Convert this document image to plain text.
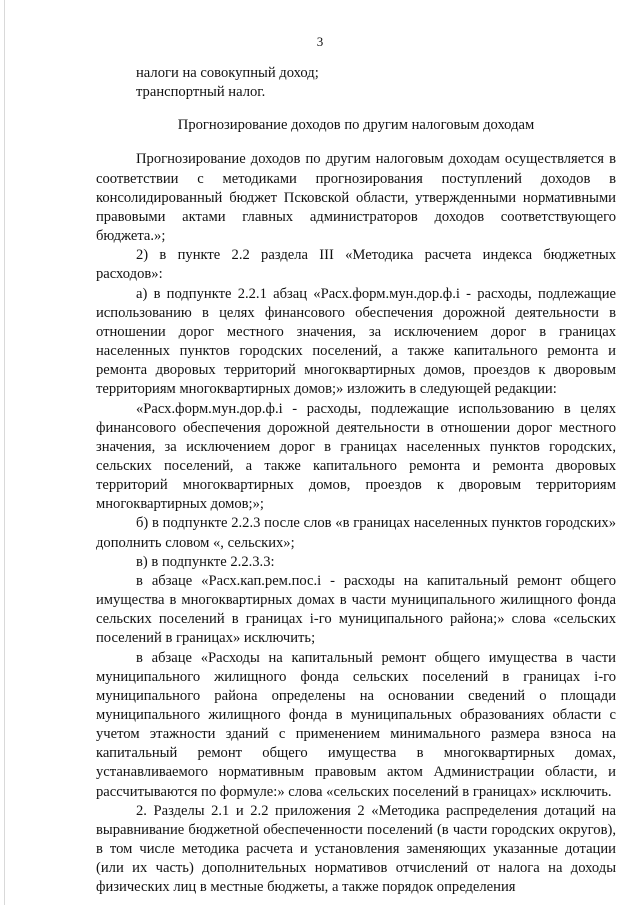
3

налоги на совокупный доход;

транспортный налог.

Прогнозирование доходов по другим налоговым доходам

Прогнозирование доходов по другим налоговым доходам осуществляется в соответствии с методиками прогнозирования поступлений доходов в консолидированный бюджет Псковской области, утвержденными нормативными правовыми актами главных администраторов доходов соответствующего бюджета.»;

2) в пункте 2.2 раздела III «Методика расчета индекса бюджетных расходов»:

а) в подпункте 2.2.1 абзац «Расх.форм.мун.дор.ф.i - расходы, подлежащие использованию в целях финансового обеспечения дорожной деятельности в отношении дорог местного значения, за исключением дорог в границах населенных пунктов городских поселений, а также капитального ремонта и ремонта дворовых территорий многоквартирных домов, проездов к дворовым территориям многоквартирных домов;» изложить в следующей редакции:

«Расх.форм.мун.дор.ф.i - расходы, подлежащие использованию в целях финансового обеспечения дорожной деятельности в отношении дорог местного значения, за исключением дорог в границах населенных пунктов городских, сельских поселений, а также капитального ремонта и ремонта дворовых территорий многоквартирных домов, проездов к дворовым территориям многоквартирных домов;»;

б) в подпункте 2.2.3 после слов «в границах населенных пунктов городских» дополнить словом «, сельских»;

в) в подпункте 2.2.3.3:

в абзаце «Расх.кап.рем.пос.i - расходы на капитальный ремонт общего имущества в многоквартирных домах в части муниципального жилищного фонда сельских поселений в границах i-го муниципального района;» слова «сельских поселений в границах» исключить;

в абзаце «Расходы на капитальный ремонт общего имущества в части муниципального жилищного фонда сельских поселений в границах i-го муниципального района определены на основании сведений о площади муниципального жилищного фонда в муниципальных образованиях области с учетом этажности зданий с применением минимального размера взноса на капитальный ремонт общего имущества в многоквартирных домах, устанавливаемого нормативным правовым актом Администрации области, и рассчитываются по формуле:» слова «сельских поселений в границах» исключить.

2. Разделы 2.1 и 2.2 приложения 2 «Методика распределения дотаций на выравнивание бюджетной обеспеченности поселений (в части городских округов), в том числе методика расчета и установления заменяющих указанные дотации (или их часть) дополнительных нормативов отчислений от налога на доходы физических лиц в местные бюджеты, а также порядок определения
